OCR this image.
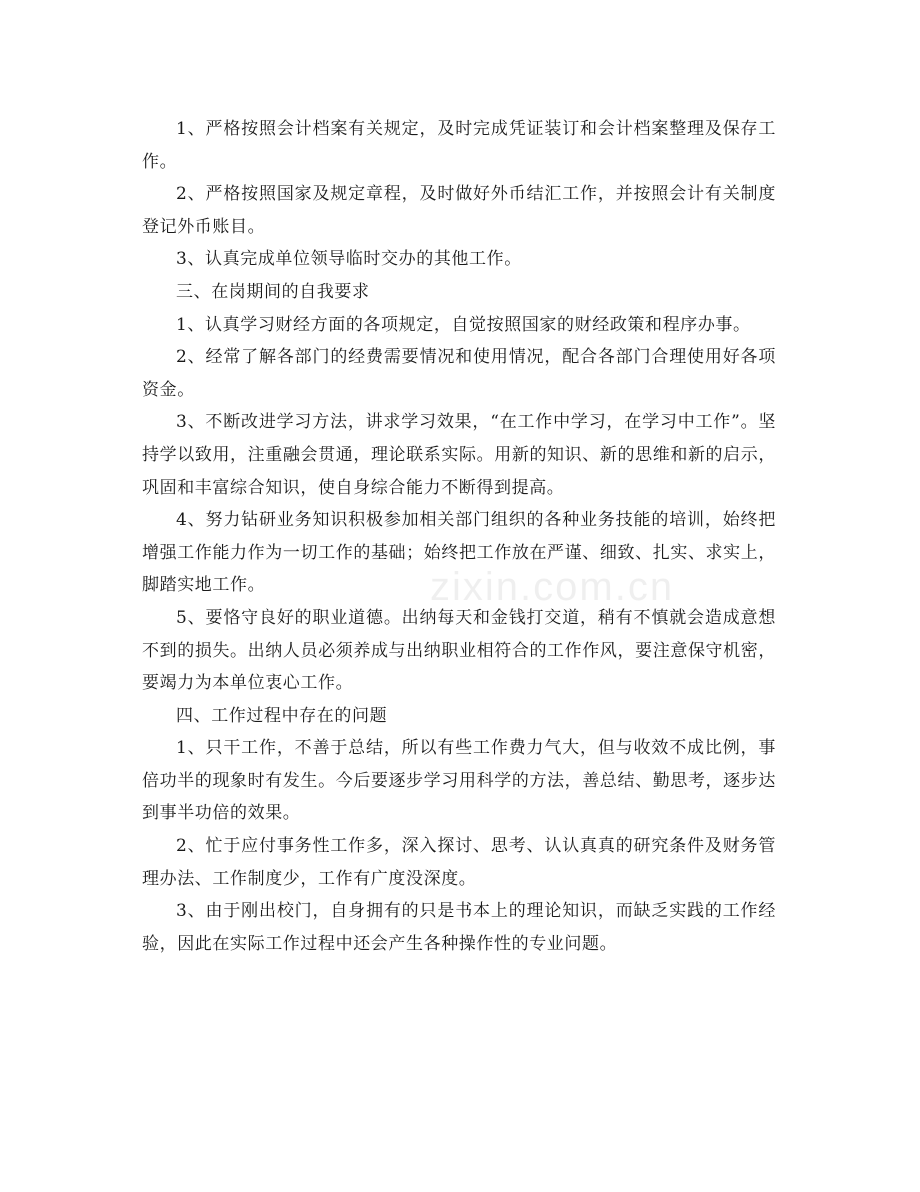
1、严格按照会计档案有关规定，及时完成凭证装订和会计档案整理及保存工作。

2、严格按照国家及规定章程，及时做好外币结汇工作，并按照会计有关制度登记外币账目。

3、认真完成单位领导临时交办的其他工作。

三、在岗期间的自我要求

1、认真学习财经方面的各项规定，自觉按照国家的财经政策和程序办事。

2、经常了解各部门的经费需要情况和使用情况，配合各部门合理使用好各项资金。

3、不断改进学习方法，讲求学习效果，“在工作中学习，在学习中工作”。坚持学以致用，注重融会贯通，理论联系实际。用新的知识、新的思维和新的启示，巩固和丰富综合知识，使自身综合能力不断得到提高。

4、努力钻研业务知识积极参加相关部门组织的各种业务技能的培训，始终把增强工作能力作为一切工作的基础；始终把工作放在严谨、细致、扎实、求实上，脚踏实地工作。

5、要恪守良好的职业道德。出纳每天和金钱打交道，稍有不慎就会造成意想不到的损失。出纳人员必须养成与出纳职业相符合的工作作风，要注意保守机密，要竭力为本单位衷心工作。

四、工作过程中存在的问题

1、只干工作，不善于总结，所以有些工作费力气大，但与收效不成比例，事倍功半的现象时有发生。今后要逐步学习用科学的方法，善总结、勤思考，逐步达到事半功倍的效果。

2、忙于应付事务性工作多，深入探讨、思考、认认真真的研究条件及财务管理办法、工作制度少，工作有广度没深度。

3、由于刚出校门，自身拥有的只是书本上的理论知识，而缺乏实践的工作经验，因此在实际工作过程中还会产生各种操作性的专业问题。

zixin.com.cn
